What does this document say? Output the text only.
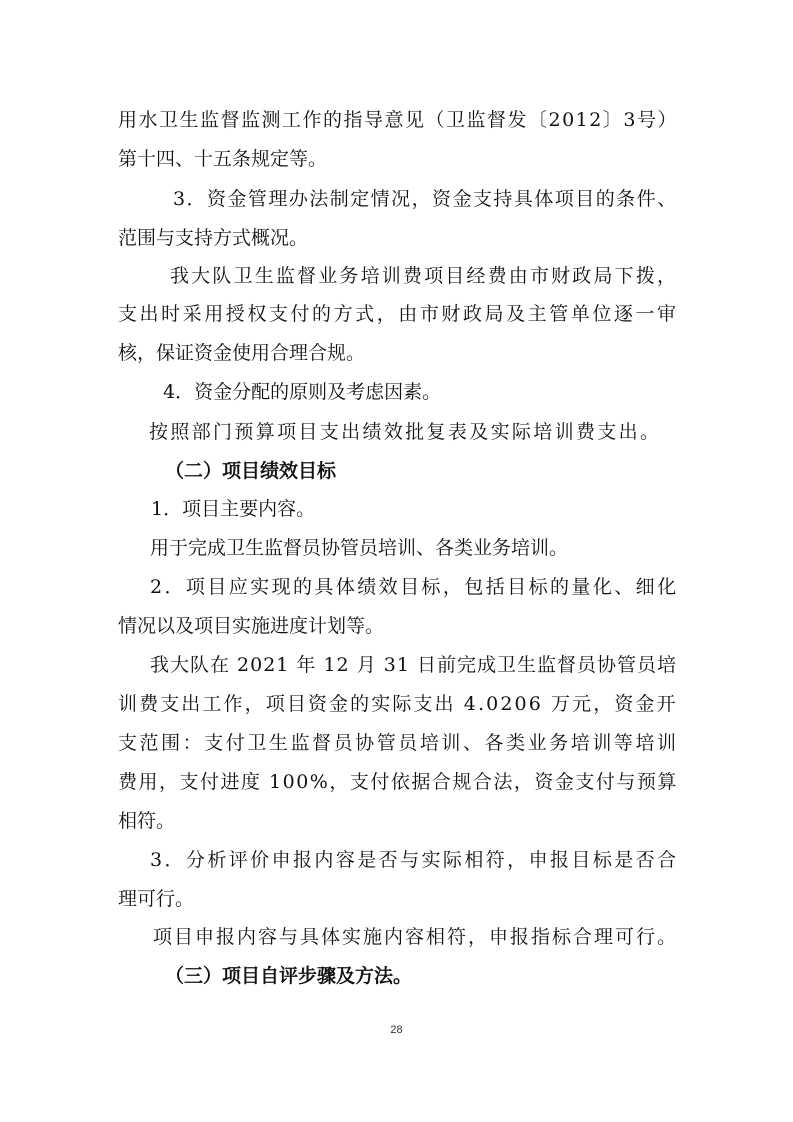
用水卫生监督监测工作的指导意见（卫监督发〔2012〕3号）

第十四、十五条规定等。

3．资金管理办法制定情况，资金支持具体项目的条件、

范围与支持方式概况。

我大队卫生监督业务培训费项目经费由市财政局下拨，

支出时采用授权支付的方式，由市财政局及主管单位逐一审

核，保证资金使用合理合规。

4．资金分配的原则及考虑因素。

按照部门预算项目支出绩效批复表及实际培训费支出。

（二）项目绩效目标

1．项目主要内容。

用于完成卫生监督员协管员培训、各类业务培训。

2．项目应实现的具体绩效目标，包括目标的量化、细化

情况以及项目实施进度计划等。

我大队在 2021 年 12 月 31 日前完成卫生监督员协管员培

训费支出工作，项目资金的实际支出 4.0206 万元，资金开

支范围：支付卫生监督员协管员培训、各类业务培训等培训

费用，支付进度 100%，支付依据合规合法，资金支付与预算

相符。

3．分析评价申报内容是否与实际相符，申报目标是否合

理可行。

项目申报内容与具体实施内容相符，申报指标合理可行。

（三）项目自评步骤及方法。

28
